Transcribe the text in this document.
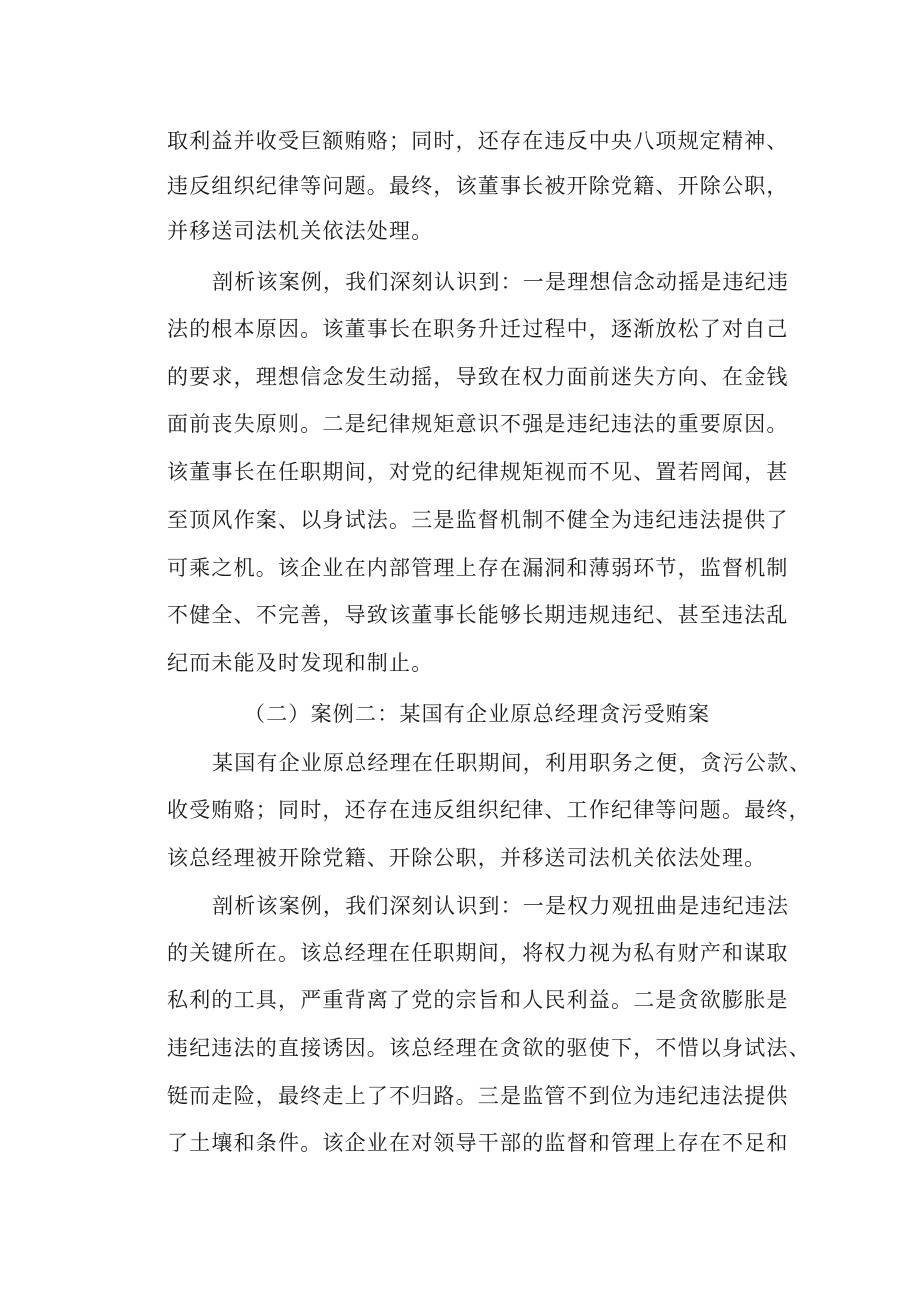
取利益并收受巨额贿赂；同时，还存在违反中央八项规定精神、
违反组织纪律等问题。最终，该董事长被开除党籍、开除公职，
并移送司法机关依法处理。
剖析该案例，我们深刻认识到：一是理想信念动摇是违纪违
法的根本原因。该董事长在职务升迁过程中，逐渐放松了对自己
的要求，理想信念发生动摇，导致在权力面前迷失方向、在金钱
面前丧失原则。二是纪律规矩意识不强是违纪违法的重要原因。
该董事长在任职期间，对党的纪律规矩视而不见、置若罔闻，甚
至顶风作案、以身试法。三是监督机制不健全为违纪违法提供了
可乘之机。该企业在内部管理上存在漏洞和薄弱环节，监督机制
不健全、不完善，导致该董事长能够长期违规违纪、甚至违法乱
纪而未能及时发现和制止。
（二）案例二：某国有企业原总经理贪污受贿案
某国有企业原总经理在任职期间，利用职务之便，贪污公款、
收受贿赂；同时，还存在违反组织纪律、工作纪律等问题。最终，
该总经理被开除党籍、开除公职，并移送司法机关依法处理。
剖析该案例，我们深刻认识到：一是权力观扭曲是违纪违法
的关键所在。该总经理在任职期间，将权力视为私有财产和谋取
私利的工具，严重背离了党的宗旨和人民利益。二是贪欲膨胀是
违纪违法的直接诱因。该总经理在贪欲的驱使下，不惜以身试法、
铤而走险，最终走上了不归路。三是监管不到位为违纪违法提供
了土壤和条件。该企业在对领导干部的监督和管理上存在不足和
